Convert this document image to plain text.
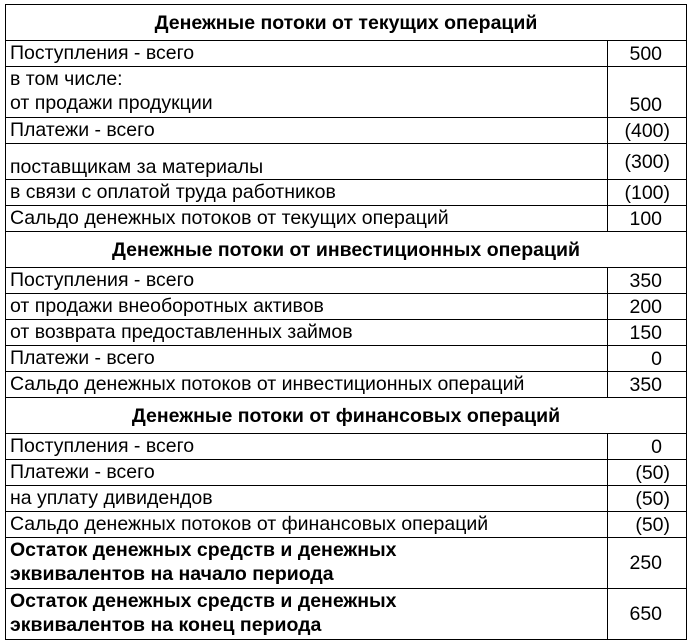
Денежные потоки от текущих операций	
Поступления - всего	500

в том числе:
от продажи продукции	500
Платежи - всего	(400)
поставщикам за материалы	(300)
в связи с оплатой труда работников	(100)
Сальдо денежных потоков от текущих операций	100
Денежные потоки от инвестиционных операций	
Поступления - всего	350
от продажи внеоборотных активов	200
от возврата предоставленных займов	150
Платежи - всего	0
Сальдо денежных потоков от инвестиционных операций	350
Денежные потоки от финансовых операций	
Поступления - всего	0
Платежи - всего	(50)
на уплату дивидендов	(50)
Сальдо денежных потоков от финансовых операций	(50)

Остаток денежных средств и денежных
эквивалентов на начало периода	250

Остаток денежных средств и денежных
эквивалентов на конец периода	650
